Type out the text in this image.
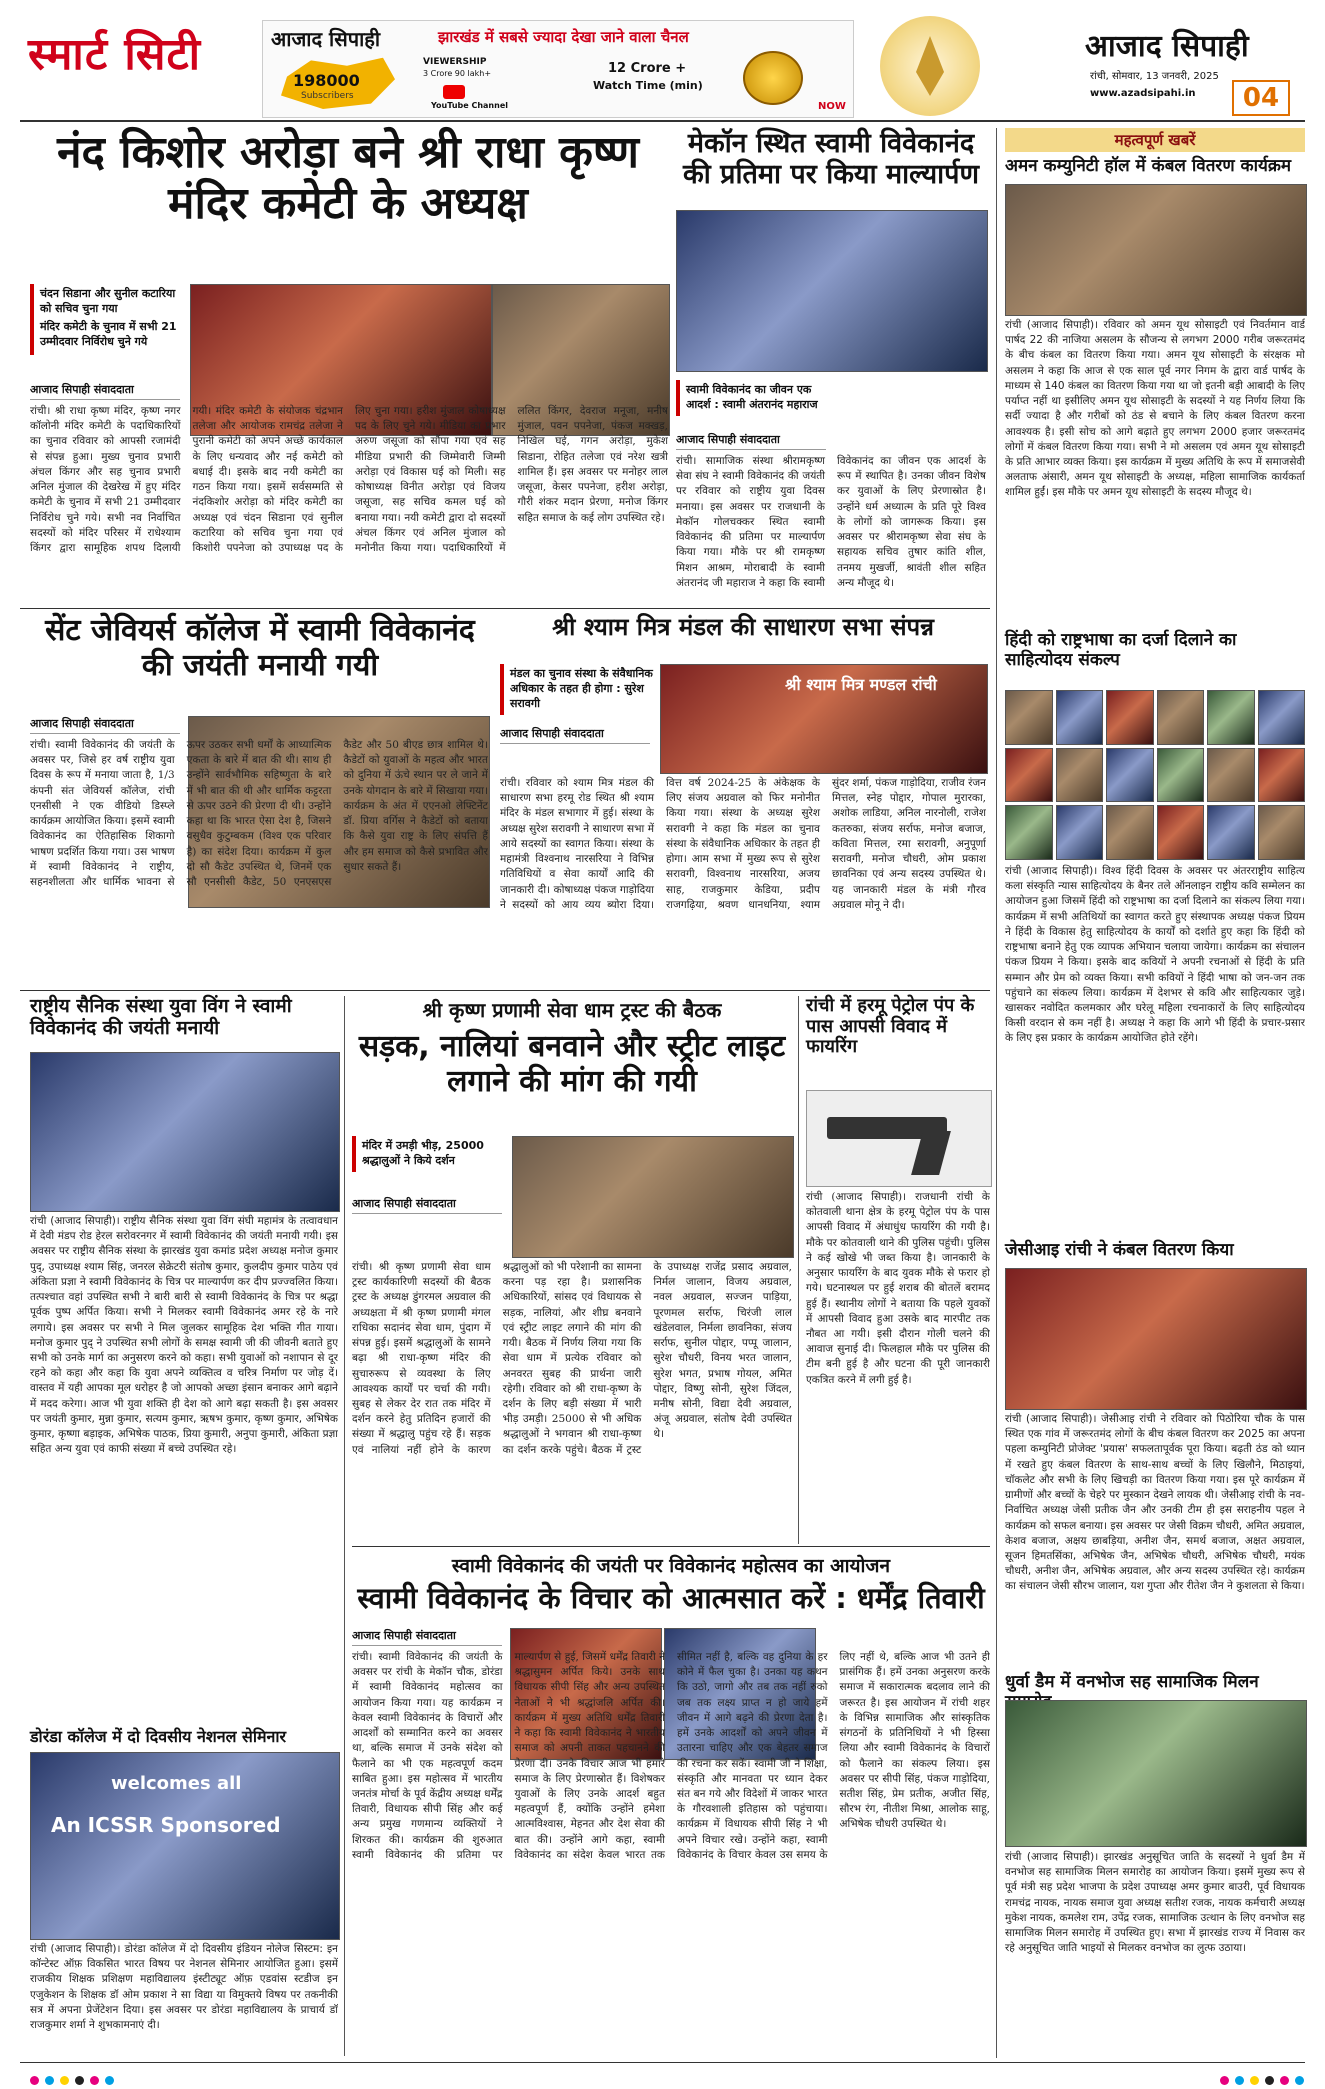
स्मार्ट सिटी	आजाद सिपाही	झारखंड में सबसे ज्यादा देखा जाने वाला चैनल
198000
Subscribers
VIEWERSHIP
3 Crore 90 lakh+
YouTube Channel
12 Crore +
Watch Time (min)
NOW
आजाद सिपाही
रांची, सोमवार, 13 जनवरी, 2025
www.azadsipahi.in	04
नंद किशोर अरोड़ा बने श्री राधा कृष्ण मंदिर कमेटी के अध्यक्ष

चंदन सिडाना और सुनील कटारिया को सचिव चुना गया

मंदिर कमेटी के चुनाव में सभी 21 उम्मीदवार निर्विरोध चुने गये

आजाद सिपाही संवाददाता
रांची। श्री राधा कृष्ण मंदिर, कृष्ण नगर कॉलोनी मंदिर कमेटी के पदाधिकारियों का चुनाव रविवार को आपसी रजामंदी से संपन्न हुआ। मुख्य चुनाव प्रभारी अंचल किंगर और सह चुनाव प्रभारी अनिल मुंजाल की देखरेख में हुए मंदिर कमेटी के चुनाव में सभी 21 उम्मीदवार निर्विरोध चुने गये। सभी नव निर्वाचित सदस्यों को मंदिर परिसर में राधेश्याम किंगर द्वारा सामूहिक शपथ दिलायी गयी। मंदिर कमेटी के संयोजक चंद्रभान तलेजा और आयोजक रामचंद्र तलेजा ने पुरानी कमेटी को अपने अच्छे कार्यकाल के लिए धन्यवाद और नई कमेटी को बधाई दी। इसके बाद नयी कमेटी का गठन किया गया। इसमें सर्वसम्मति से नंदकिशोर अरोड़ा को मंदिर कमेटी का अध्यक्ष एवं चंदन सिडाना एवं सुनील कटारिया को सचिव चुना गया एवं किशोरी पपनेजा को उपाध्यक्ष पद के लिए चुना गया। हरीश मुंजाल कोषाध्यक्ष पद के लिए चुने गये। मीडिया का प्रभार अरुण जसूजा को सौंपा गया एवं सह मीडिया प्रभारी की जिम्मेवारी जिम्मी अरोड़ा एवं विकास घई को मिली। सह कोषाध्यक्ष विनीत अरोड़ा एवं विजय जसूजा, सह सचिव कमल घई को बनाया गया। नयी कमेटी द्वारा दो सदस्यों अंचल किंगर एवं अनिल मुंजाल को मनोनीत किया गया। पदाधिकारियों में ललित किंगर, देवराज मनूजा, मनीष मुंजाल, पवन पपनेजा, पंकज मक्खड़, निखिल घई, गगन अरोड़ा, मुकेश सिडाना, रोहित तलेजा एवं नरेश खत्री शामिल हैं। इस अवसर पर मनोहर लाल जसूजा, केसर पपनेजा, हरीश अरोड़ा, गौरी शंकर मदान प्रेरणा, मनोज किंगर सहित समाज के कई लोग उपस्थित रहे।
मेकॉन स्थित स्वामी विवेकानंद की प्रतिमा पर किया माल्यार्पण
स्वामी विवेकानंद का जीवन एक आदर्श : स्वामी अंतरानंद महाराज
आजाद सिपाही संवाददाता
रांची। सामाजिक संस्था श्रीरामकृष्ण सेवा संघ ने स्वामी विवेकानंद की जयंती पर रविवार को राष्ट्रीय युवा दिवस मनाया। इस अवसर पर राजधानी के मेकॉन गोलचक्कर स्थित स्वामी विवेकानंद की प्रतिमा पर माल्यार्पण किया गया। मौके पर श्री रामकृष्ण मिशन आश्रम, मोराबादी के स्वामी अंतरानंद जी महाराज ने कहा कि स्वामी विवेकानंद का जीवन एक आदर्श के रूप में स्थापित है। उनका जीवन विशेष कर युवाओं के लिए प्रेरणास्रोत है। उन्होंने धर्म अध्यात्म के प्रति पूरे विश्व के लोगों को जागरूक किया। इस अवसर पर श्रीरामकृष्ण सेवा संघ के सहायक सचिव तुषार कांति शील, तनमय मुखर्जी, श्रावंती शील सहित अन्य मौजूद थे।
महत्वपूर्ण खबरें
अमन कम्युनिटी हॉल में कंबल वितरण कार्यक्रम
रांची (आजाद सिपाही)। रविवार को अमन यूथ सोसाइटी एवं निवर्तमान वार्ड पार्षद 22 की नाजिया असलम के सौजन्य से लगभग 2000 गरीब जरूरतमंद के बीच कंबल का वितरण किया गया। अमन यूथ सोसाइटी के संरक्षक मो असलम ने कहा कि आज से एक साल पूर्व नगर निगम के द्वारा वार्ड पार्षद के माध्यम से 140 कंबल का वितरण किया गया था जो इतनी बड़ी आबादी के लिए पर्याप्त नहीं था इसीलिए अमन यूथ सोसाइटी के सदस्यों ने यह निर्णय लिया कि सर्दी ज्यादा है और गरीबों को ठंड से बचाने के लिए कंबल वितरण करना आवश्यक है। इसी सोच को आगे बढ़ाते हुए लगभग 2000 हजार जरूरतमंद लोगों में कंबल वितरण किया गया। सभी ने मो असलम एवं अमन यूथ सोसाइटी के प्रति आभार व्यक्त किया। इस कार्यक्रम में मुख्य अतिथि के रूप में समाजसेवी अलताफ अंसारी, अमन यूथ सोसाइटी के अध्यक्ष, महिला सामाजिक कार्यकर्ता शामिल हुईं। इस मौके पर अमन यूथ सोसाइटी के सदस्य मौजूद थे।
हिंदी को राष्ट्रभाषा का दर्जा दिलाने का साहित्योदय संकल्प
रांची (आजाद सिपाही)। विश्व हिंदी दिवस के अवसर पर अंतरराष्ट्रीय साहित्य कला संस्कृति न्यास साहित्योदय के बैनर तले ऑनलाइन राष्ट्रीय कवि सम्मेलन का आयोजन हुआ जिसमें हिंदी को राष्ट्रभाषा का दर्जा दिलाने का संकल्प लिया गया। कार्यक्रम में सभी अतिथियों का स्वागत करते हुए संस्थापक अध्यक्ष पंकज प्रियम ने हिंदी के विकास हेतु साहित्योदय के कार्यों को दर्शाते हुए कहा कि हिंदी को राष्ट्रभाषा बनाने हेतु एक व्यापक अभियान चलाया जायेगा। कार्यक्रम का संचालन पंकज प्रियम ने किया। इसके बाद कवियों ने अपनी रचनाओं से हिंदी के प्रति सम्मान और प्रेम को व्यक्त किया। सभी कवियों ने हिंदी भाषा को जन-जन तक पहुंचाने का संकल्प लिया। कार्यक्रम में देशभर से कवि और साहित्यकार जुड़े। खासकर नवोदित कलमकार और घरेलू महिला रचनाकारों के लिए साहित्योदय किसी वरदान से कम नहीं है। अध्यक्ष ने कहा कि आगे भी हिंदी के प्रचार-प्रसार के लिए इस प्रकार के कार्यक्रम आयोजित होते रहेंगे।
जेसीआइ रांची ने कंबल वितरण किया
रांची (आजाद सिपाही)। जेसीआइ रांची ने रविवार को पिठोरिया चौक के पास स्थित एक गांव में जरूरतमंद लोगों के बीच कंबल वितरण कर 2025 का अपना पहला कम्युनिटी प्रोजेक्ट 'प्रयास' सफलतापूर्वक पूरा किया। बढ़ती ठंड को ध्यान में रखते हुए कंबल वितरण के साथ-साथ बच्चों के लिए खिलौने, मिठाइयां, चॉकलेट और सभी के लिए खिचड़ी का वितरण किया गया। इस पूरे कार्यक्रम में ग्रामीणों और बच्चों के चेहरे पर मुस्कान देखने लायक थी। जेसीआइ रांची के नव-निर्वाचित अध्यक्ष जेसी प्रतीक जैन और उनकी टीम ही इस सराहनीय पहल ने कार्यक्रम को सफल बनाया। इस अवसर पर जेसी विक्रम चौधरी, अमित अग्रवाल, केशव बजाज, अक्षय छाबड़िया, अनीश जैन, समर्थ बजाज, अक्षत अग्रवाल, सूजन हिमतसिंका, अभिषेक जैन, अभिषेक चौधरी, अभिषेक चौधरी, मयंक चौधरी, अनीश जैन, अभिषेक अग्रवाल, और अन्य सदस्य उपस्थित रहे। कार्यक्रम का संचालन जेसी सौरभ जालान, यश गुप्ता और रीतेश जैन ने कुशलता से किया।
धुर्वा डैम में वनभोज सह सामाजिक मिलन
रांची (आजाद सिपाही)। झारखंड अनुसूचित जाति के सदस्यों ने धुर्वा डैम में वनभोज सह सामाजिक मिलन समारोह का आयोजन किया। इसमें मुख्य रूप से पूर्व मंत्री सह प्रदेश भाजपा के प्रदेश उपाध्यक्ष अमर कुमार बाउरी, पूर्व विधायक रामचंद्र नायक, नायक समाज युवा अध्यक्ष सतीश रजक, नायक कर्मचारी अध्यक्ष मुकेश नायक, कमलेश राम, उपेंद्र रजक, सामाजिक उत्थान के लिए वनभोज सह सामाजिक मिलन समारोह में उपस्थित हुए। सभा में झारखंड राज्य में निवास कर रहे अनुसूचित जाति भाइयों से मिलकर वनभोज का लुत्फ उठाया।
सेंट जेवियर्स कॉलेज में स्वामी विवेकानंद की जयंती मनायी गयी
आजाद सिपाही संवाददाता
रांची। स्वामी विवेकानंद की जयंती के अवसर पर, जिसे हर वर्ष राष्ट्रीय युवा दिवस के रूप में मनाया जाता है, 1/3 कंपनी संत जेवियर्स कॉलेज, रांची एनसीसी ने एक वीडियो डिस्प्ले कार्यक्रम आयोजित किया। इसमें स्वामी विवेकानंद का ऐतिहासिक शिकागो भाषण प्रदर्शित किया गया। उस भाषण में स्वामी विवेकानंद ने राष्ट्रीय, सहनशीलता और धार्मिक भावना से ऊपर उठकर सभी धर्मों के आध्यात्मिक एकता के बारे में बात की थी। साथ ही उन्होंने सार्वभौमिक सहिष्णुता के बारे में भी बात की थी और धार्मिक कट्टरता से ऊपर उठने की प्रेरणा दी थी। उन्होंने कहा था कि भारत ऐसा देश है, जिसने वसुधैव कुटुम्बकम (विश्व एक परिवार है) का संदेश दिया। कार्यक्रम में कुल दो सौ कैडेट उपस्थित थे, जिनमें एक सौ एनसीसी कैडेट, 50 एनएसएस कैडेट और 50 बीएड छात्र शामिल थे। कैडेटों को युवाओं के महत्व और भारत को दुनिया में ऊंचे स्थान पर ले जाने में उनके योगदान के बारे में सिखाया गया। कार्यक्रम के अंत में एएनओ लेफ्टिनेंट डॉ. प्रिया वर्गिस ने कैडेटों को बताया कि कैसे युवा राष्ट्र के लिए संपत्ति हैं और हम समाज को कैसे प्रभावित और सुधार सकते हैं।
श्री श्याम मित्र मंडल की साधारण सभा संपन्न
मंडल का चुनाव संस्था के संवैधानिक अधिकार के तहत ही होगा : सुरेश सरावगी
श्री श्याम मित्र मण्डल रांची
आजाद सिपाही संवाददाता
रांची। रविवार को श्याम मित्र मंडल की साधारण सभा हरमू रोड स्थित श्री श्याम मंदिर के मंडल सभागार में हुई। संस्था के अध्यक्ष सुरेश सरावगी ने साधारण सभा में आये सदस्यों का स्वागत किया। संस्था के महामंत्री विश्वनाथ नारसरिया ने विभिन्न गतिविधियों व सेवा कार्यों आदि की जानकारी दी। कोषाध्यक्ष पंकज गाड़ोदिया ने सदस्यों को आय व्यय ब्योरा दिया। वित्त वर्ष 2024-25 के अंकेक्षक के लिए संजय अग्रवाल को फिर मनोनीत किया गया। संस्था के अध्यक्ष सुरेश सरावगी ने कहा कि मंडल का चुनाव संस्था के संवैधानिक अधिकार के तहत ही होगा। आम सभा में मुख्य रूप से सुरेश सरावगी, विश्वनाथ नारसरिया, अजय साह, राजकुमार केडिया, प्रदीप राजगढ़िया, श्रवण धानधनिया, श्याम सुंदर शर्मा, पंकज गाड़ोदिया, राजीव रंजन मित्तल, स्नेह पोद्दार, गोपाल मुरारका, अशोक लाडिया, अनिल नारनोली, राजेश कतरुका, संजय सर्राफ, मनोज बजाज, कविता मित्तल, रमा सरावगी, अनुपूर्णा सरावगी, मनोज चौधरी, ओम प्रकाश छावनिका एवं अन्य सदस्य उपस्थित थे। यह जानकारी मंडल के मंत्री गौरव अग्रवाल मोनू ने दी।
राष्ट्रीय सैनिक संस्था युवा विंग ने स्वामी विवेकानंद की जयंती मनायी
रांची (आजाद सिपाही)। राष्ट्रीय सैनिक संस्था युवा विंग संघी महामंत्र के तत्वावधान में देवी मंडप रोड हेरल सरोवरनगर में स्वामी विवेकानंद की जयंती मनायी गयी। इस अवसर पर राष्ट्रीय सैनिक संस्था के झारखंड युवा कमांड प्रदेश अध्यक्ष मनोज कुमार पुद्, उपाध्यक्ष श्याम सिंह, जनरल सेक्रेटरी संतोष कुमार, कुलदीप कुमार पाठेय एवं अंकिता प्रज्ञा ने स्वामी विवेकानंद के चित्र पर माल्यार्पण कर दीप प्रज्ज्वलित किया। तत्पश्चात वहां उपस्थित सभी ने बारी बारी से स्वामी विवेकानंद के चित्र पर श्रद्धा पूर्वक पुष्प अर्पित किया। सभी ने मिलकर स्वामी विवेकानंद अमर रहे के नारे लगाये। इस अवसर पर सभी ने मिल जुलकर सामूहिक देश भक्ति गीत गाया। मनोज कुमार पुद् ने उपस्थित सभी लोगों के समक्ष स्वामी जी की जीवनी बताते हुए सभी को उनके मार्ग का अनुसरण करने को कहा। सभी युवाओं को नशापान से दूर रहने को कहा और कहा कि युवा अपने व्यक्तित्व व चरित्र निर्माण पर जोड़ दें। वास्तव में यही आपका मूल धरोहर है जो आपको अच्छा इंसान बनाकर आगे बढ़ाने में मदद करेगा। आज भी युवा शक्ति ही देश को आगे बढ़ा सकती है। इस अवसर पर जयंती कुमार, मुन्ना कुमार, सत्यम कुमार, ऋषभ कुमार, कृष्ण कुमार, अभिषेक कुमार, कृष्णा बड़ाइक, अभिषेक पाठक, प्रिया कुमारी, अनुपा कुमारी, अंकिता प्रज्ञा सहित अन्य युवा एवं काफी संख्या में बच्चे उपस्थित रहे।
डोरंडा कॉलेज में दो दिवसीय नेशनल सेमिनार
welcomes all
An ICSSR Sponsored
रांची (आजाद सिपाही)। डोरंडा कॉलेज में दो दिवसीय इंडियन नोलेज सिस्टम: इन कॉन्टेस्ट ऑफ़ विकसित भारत विषय पर नेशनल सेमिनार आयोजित हुआ। इसमें राजकीय शिक्षक प्रशिक्षण महाविद्यालय इंस्टीट्यूट ऑफ़ एडवांस स्टडीज इन एजुकेशन के शिक्षक डॉ ओम प्रकाश ने सा विद्या या विमुक्तये विषय पर तकनीकी सत्र में अपना प्रेजेंटेशन दिया। इस अवसर पर डोरंडा महाविद्यालय के प्राचार्य डॉ राजकुमार शर्मा ने शुभकामनाएं दी।
श्री कृष्ण प्रणामी सेवा धाम ट्रस्ट की बैठक
सड़क, नालियां बनवाने और स्ट्रीट लाइट लगाने की मांग की गयी
मंदिर में उमड़ी भीड़, 25000 श्रद्धालुओं ने किये दर्शन
आजाद सिपाही संवाददाता
रांची। श्री कृष्ण प्रणामी सेवा धाम ट्रस्ट कार्यकारिणी सदस्यों की बैठक ट्रस्ट के अध्यक्ष डुंगरमल अग्रवाल की अध्यक्षता में श्री कृष्ण प्रणामी मंगल राधिका सदानंद सेवा धाम, पुंदाग में संपन्न हुई। इसमें श्रद्धालुओं के सामने बढ़ा श्री राधा-कृष्ण मंदिर की सुचारुरूप से व्यवस्था के लिए आवश्यक कार्यों पर चर्चा की गयी। सुबह से लेकर देर रात तक मंदिर में दर्शन करने हेतु प्रतिदिन हजारों की संख्या में श्रद्धालु पहुंच रहे हैं। सड़क एवं नालियां नहीं होने के कारण श्रद्धालुओं को भी परेशानी का सामना करना पड़ रहा है। प्रशासनिक अधिकारियों, सांसद एवं विधायक से सड़क, नालियां, और शीघ्र बनवाने एवं स्ट्रीट लाइट लगाने की मांग की गयी। बैठक में निर्णय लिया गया कि सेवा धाम में प्रत्येक रविवार को अनवरत सुबह की प्रार्थना जारी रहेगी। रविवार को श्री राधा-कृष्ण के दर्शन के लिए बड़ी संख्या में भारी भीड़ उमड़ी। 25000 से भी अधिक श्रद्धालुओं ने भगवान श्री राधा-कृष्ण का दर्शन करके पहुंचे। बैठक में ट्रस्ट के उपाध्यक्ष राजेंद्र प्रसाद अग्रवाल, निर्मल जालान, विजय अग्रवाल, नवल अग्रवाल, सज्जन पाड़िया, पूरणमल सर्राफ, चिरंजी लाल खंडेलवाल, निर्मला छावनिका, संजय सर्राफ, सुनील पोद्दार, पप्पू जालान, सुरेश चौधरी, विनय भरत जालान, सुरेश भगत, प्रभाष गोयल, अमित पोद्दार, विष्णु सोनी, सुरेश जिंदल, मनीष सोनी, विद्या देवी अग्रवाल, अंजू अग्रवाल, संतोष देवी उपस्थित थे।
रांची में हरमू पेट्रोल पंप के पास आपसी विवाद में फायरिंग
रांची (आजाद सिपाही)। राजधानी रांची के कोतवाली थाना क्षेत्र के हरमू पेट्रोल पंप के पास आपसी विवाद में अंधाधुंध फायरिंग की गयी है। मौके पर कोतवाली थाने की पुलिस पहुंची। पुलिस ने कई खोखे भी जब्त किया है। जानकारी के अनुसार फायरिंग के बाद युवक मौके से फरार हो गये। घटनास्थल पर हुई शराब की बोतलें बरामद हुई हैं। स्थानीय लोगों ने बताया कि पहले युवकों में आपसी विवाद हुआ उसके बाद मारपीट तक नौबत आ गयी। इसी दौरान गोली चलने की आवाज सुनाई दी। फिलहाल मौके पर पुलिस की टीम बनी हुई है और घटना की पूरी जानकारी एकत्रित करने में लगी हुई है।
स्वामी विवेकानंद की जयंती पर विवेकानंद महोत्सव का आयोजन
स्वामी विवेकानंद के विचार को आत्मसात करें : धर्मेंद्र तिवारी
आजाद सिपाही संवाददाता
रांची। स्वामी विवेकानंद की जयंती के अवसर पर रांची के मेकॉन चौक, डोरंडा में स्वामी विवेकानंद महोत्सव का आयोजन किया गया। यह कार्यक्रम न केवल स्वामी विवेकानंद के विचारों और आदर्शों को सम्मानित करने का अवसर था, बल्कि समाज में उनके संदेश को फैलाने का भी एक महत्वपूर्ण कदम साबित हुआ। इस महोत्सव में भारतीय जनतंत्र मोर्चा के पूर्व केंद्रीय अध्यक्ष धर्मेंद्र तिवारी, विधायक सीपी सिंह और कई अन्य प्रमुख गणमान्य व्यक्तियों ने शिरकत की। कार्यक्रम की शुरुआत स्वामी विवेकानंद की प्रतिमा पर माल्यार्पण से हुई, जिसमें धर्मेंद्र तिवारी ने श्रद्धासुमन अर्पित किये। उनके साथ विधायक सीपी सिंह और अन्य उपस्थित नेताओं ने भी श्रद्धांजलि अर्पित की। कार्यक्रम में मुख्य अतिथि धर्मेंद्र तिवारी ने कहा कि स्वामी विवेकानंद ने भारतीय समाज को अपनी ताकत पहचानने की प्रेरणा दी। उनके विचार आज भी हमारे समाज के लिए प्रेरणास्रोत हैं। विशेषकर युवाओं के लिए उनके आदर्श बहुत महत्वपूर्ण हैं, क्योंकि उन्होंने हमेशा आत्मविश्वास, मेहनत और देश सेवा की बात की। उन्होंने आगे कहा, स्वामी विवेकानंद का संदेश केवल भारत तक सीमित नहीं है, बल्कि वह दुनिया के हर कोने में फैल चुका है। उनका यह कथन कि उठो, जागो और तब तक नहीं रुको जब तक लक्ष्य प्राप्त न हो जाये हमें जीवन में आगे बढ़ने की प्रेरणा देता है। हमें उनके आदर्शों को अपने जीवन में उतारना चाहिए और एक बेहतर समाज की रचना कर सकें। स्वामी जी ने शिक्षा, संस्कृति और मानवता पर ध्यान देकर संत बन गये और विदेशों में जाकर भारत के गौरवशाली इतिहास को पहुंचाया। कार्यक्रम में विधायक सीपी सिंह ने भी अपने विचार रखे। उन्होंने कहा, स्वामी विवेकानंद के विचार केवल उस समय के लिए नहीं थे, बल्कि आज भी उतने ही प्रासंगिक हैं। हमें उनका अनुसरण करके समाज में सकारात्मक बदलाव लाने की जरूरत है। इस आयोजन में रांची शहर के विभिन्न सामाजिक और सांस्कृतिक संगठनों के प्रतिनिधियों ने भी हिस्सा लिया और स्वामी विवेकानंद के विचारों को फैलाने का संकल्प लिया। इस अवसर पर सीपी सिंह, पंकज गाड़ोदिया, सतीश सिंह, प्रेम प्रतीक, अजीत सिंह, सौरभ रंग, नीतीश मिश्रा, आलोक साहू, अभिषेक चौधरी उपस्थित थे।
